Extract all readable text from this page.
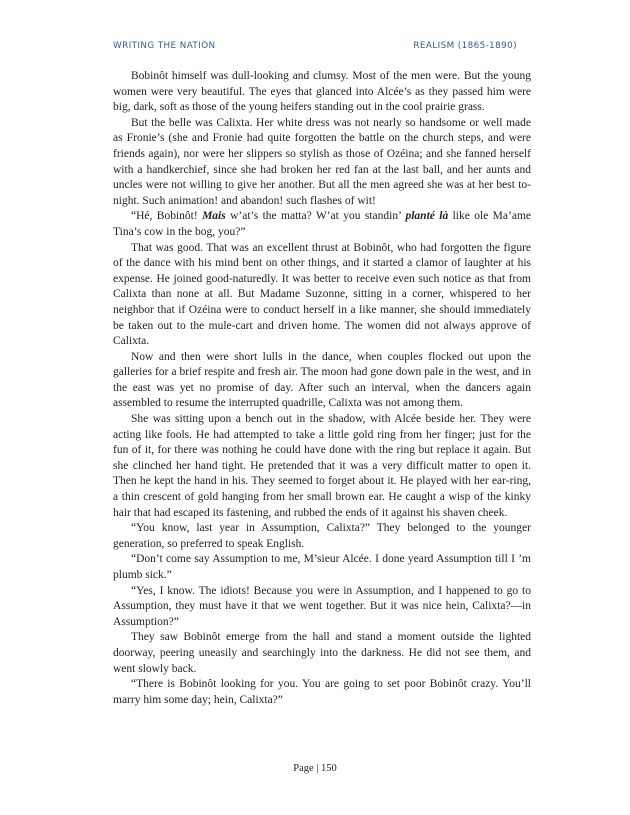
WRITING THE NATION	REALISM (1865-1890)

Bobinôt himself was dull-looking and clumsy. Most of the men were. But the young women were very beautiful. The eyes that glanced into Alcée’s as they passed him were big, dark, soft as those of the young heifers standing out in the cool prairie grass.

But the belle was Calixta. Her white dress was not nearly so handsome or well made as Fronie’s (she and Fronie had quite forgotten the battle on the church steps, and were friends again), nor were her slippers so stylish as those of Ozéina; and she fanned herself with a handkerchief, since she had broken her red fan at the last ball, and her aunts and uncles were not willing to give her another. But all the men agreed she was at her best to-night. Such animation! and abandon! such flashes of wit!

“Hé, Bobinôt! Mais w’at’s the matta? W’at you standin’ planté là like ole Ma’ame Tina’s cow in the bog, you?”

That was good. That was an excellent thrust at Bobinôt, who had forgotten the figure of the dance with his mind bent on other things, and it started a clamor of laughter at his expense. He joined good-naturedly. It was better to receive even such notice as that from Calixta than none at all. But Madame Suzonne, sitting in a corner, whispered to her neighbor that if Ozéina were to conduct herself in a like manner, she should immediately be taken out to the mule-cart and driven home. The women did not always approve of Calixta.

Now and then were short lulls in the dance, when couples flocked out upon the galleries for a brief respite and fresh air. The moon had gone down pale in the west, and in the east was yet no promise of day. After such an interval, when the dancers again assembled to resume the interrupted quadrille, Calixta was not among them.

She was sitting upon a bench out in the shadow, with Alcée beside her. They were acting like fools. He had attempted to take a little gold ring from her finger; just for the fun of it, for there was nothing he could have done with the ring but replace it again. But she clinched her hand tight. He pretended that it was a very difficult matter to open it. Then he kept the hand in his. They seemed to forget about it. He played with her ear-ring, a thin crescent of gold hanging from her small brown ear. He caught a wisp of the kinky hair that had escaped its fastening, and rubbed the ends of it against his shaven cheek.

“You know, last year in Assumption, Calixta?” They belonged to the younger generation, so preferred to speak English.

“Don’t come say Assumption to me, M’sieur Alcée. I done yeard Assumption till I ’m plumb sick.”

“Yes, I know. The idiots! Because you were in Assumption, and I happened to go to Assumption, they must have it that we went together. But it was nice hein, Calixta?—in Assumption?”

They saw Bobinôt emerge from the hall and stand a moment outside the lighted doorway, peering uneasily and searchingly into the darkness. He did not see them, and went slowly back.

“There is Bobinôt looking for you. You are going to set poor Bobinôt crazy. You’ll marry him some day; hein, Calixta?”

Page | 150
